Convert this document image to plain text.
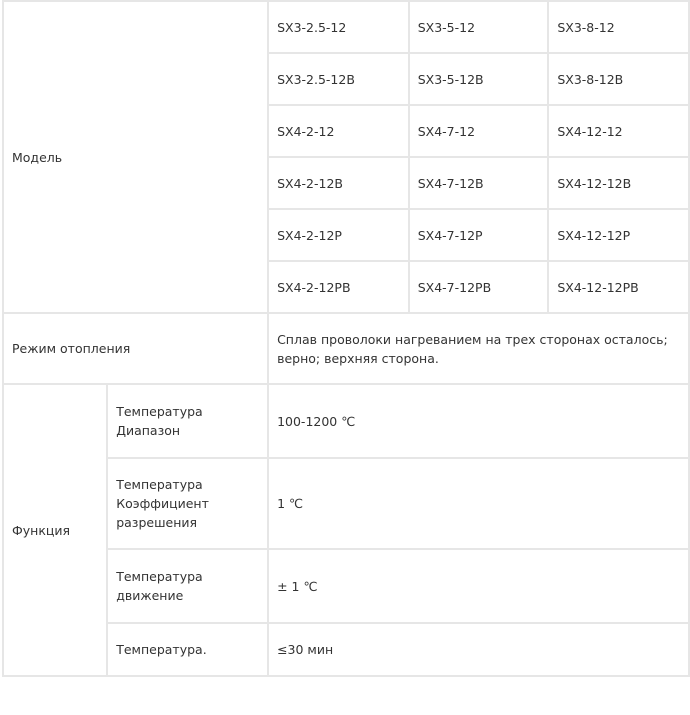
Модель		SX3-2.5-12	SX3-5-12	SX3-8-12
		SX3-2.5-12B	SX3-5-12B	SX3-8-12B
		SX4-2-12	SX4-7-12	SX4-12-12
		SX4-2-12B	SX4-7-12B	SX4-12-12B
		SX4-2-12P	SX4-7-12P	SX4-12-12P
		SX4-2-12PB	SX4-7-12PB	SX4-12-12PB
Режим отопления		Сплав проволоки нагреванием на трех сторонах осталось; верно; верхняя сторона.		
Функция	Температура Диапазон	100-1200 ℃		
	Температура Коэффициент разрешения	1 ℃		
	Температура движение	± 1 ℃		
	Температура.	≤30 мин		
